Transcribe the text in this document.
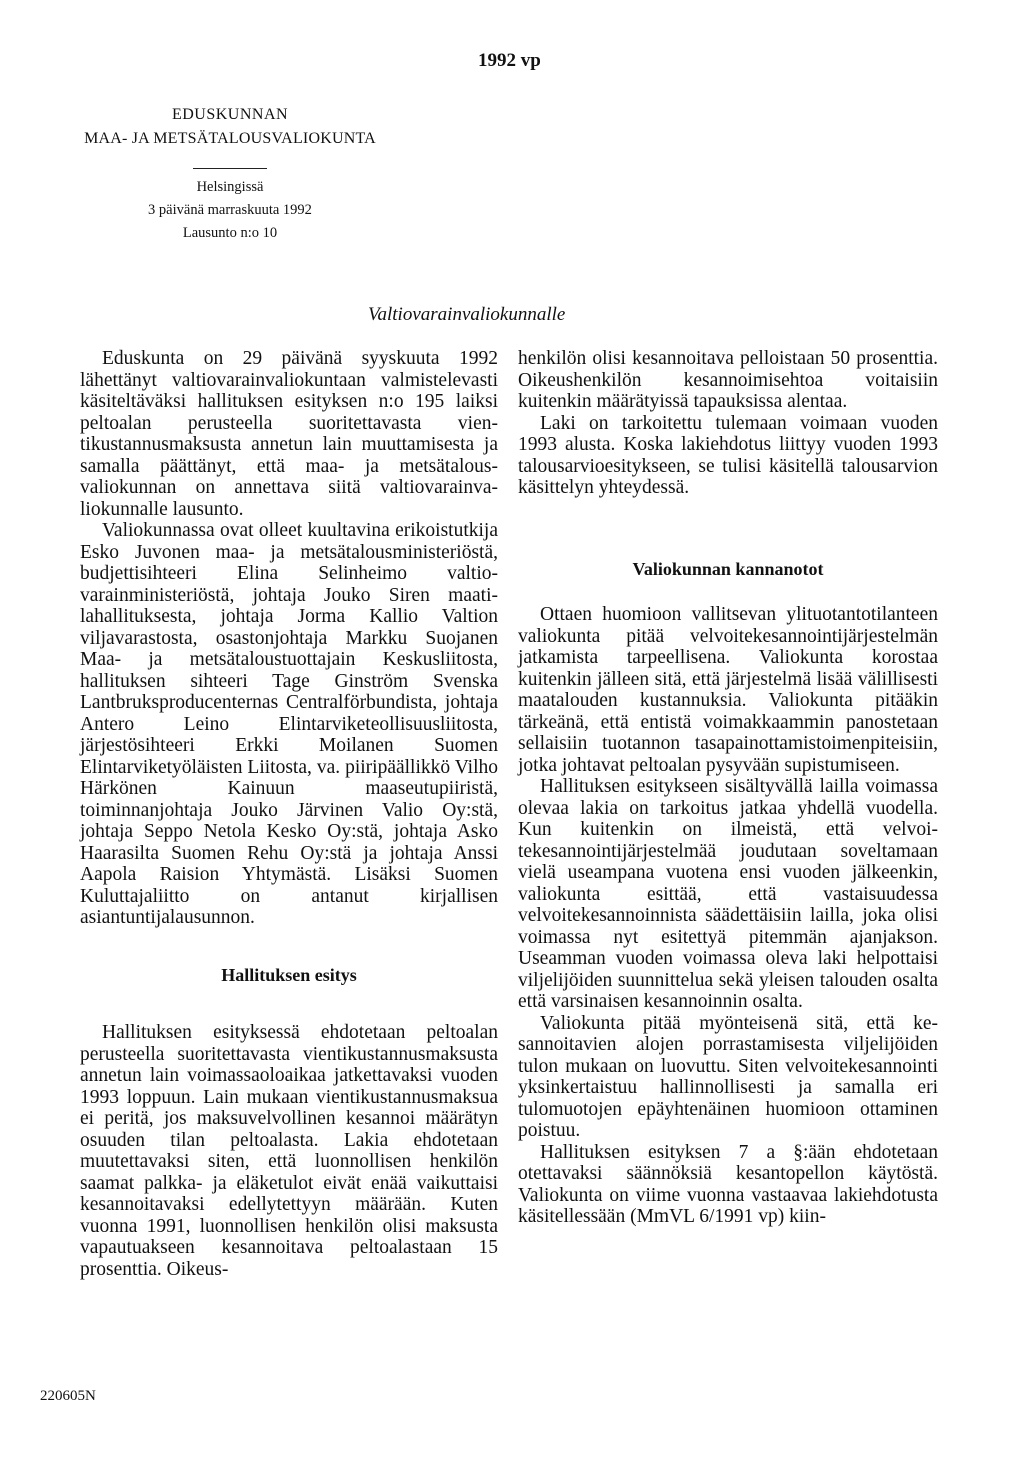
1992 vp
EDUSKUNNAN
MAA- JA METSÄTALOUSVALIOKUNTA
Helsingissä
3 päivänä marraskuuta 1992
Lausunto n:o 10
Valtiovarainvaliokunnalle

Eduskunta on 29 päivänä syyskuuta 1992 lähettänyt valtiovarainvaliokuntaan valmistelevasti käsiteltäväksi hallituksen esityksen n:o 195 laiksi peltoalan perusteella suoritettavasta vientikustannusmaksusta annetun lain muuttamisesta ja samalla päättänyt, että maa- ja metsätalousvaliokunnan on annettava siitä valtiovarainvaliokunnalle lausunto.

Valiokunnassa ovat olleet kuultavina erikoistutkija Esko Juvonen maa- ja metsätalousministeriöstä, budjettisihteeri Elina Selinheimo valtiovarainministeriöstä, johtaja Jouko Siren maatilahallituksesta, johtaja Jorma Kallio Valtion viljavarastosta, osastonjohtaja Markku Suojanen Maa- ja metsätaloustuottajain Keskusliitosta, hallituksen sihteeri Tage Ginström Svenska Lantbruksproducenternas Centralförbundista, johtaja Antero Leino Elintarviketeollisuusliitosta, järjestösihteeri Erkki Moilanen Suomen Elintarviketyöläisten Liitosta, va. piiripäällikkö Vilho Härkönen Kainuun maaseutupiiristä, toiminnanjohtaja Jouko Järvinen Valio Oy:stä, johtaja Seppo Netola Kesko Oy:stä, johtaja Asko Haarasilta Suomen Rehu Oy:stä ja johtaja Anssi Aapola Raision Yhtymästä. Lisäksi Suomen Kuluttajaliitto on antanut kirjallisen asiantuntijalausunnon.

Hallituksen esitys

Hallituksen esityksessä ehdotetaan peltoalan perusteella suoritettavasta vientikustannusmaksusta annetun lain voimassaoloaikaa jatkettavaksi vuoden 1993 loppuun. Lain mukaan vientikustannusmaksua ei peritä, jos maksuvelvollinen kesannoi määrätyn osuuden tilan peltoalasta. Lakia ehdotetaan muutettavaksi siten, että luonnollisen henkilön saamat palkka- ja eläketulot eivät enää vaikuttaisi kesannoitavaksi edellytettyyn määrään. Kuten vuonna 1991, luonnollisen henkilön olisi maksusta vapautuakseen kesannoitava peltoalastaan 15 prosenttia. Oikeus-

henkilön olisi kesannoitava pelloistaan 50 prosenttia. Oikeushenkilön kesannoimisehtoa voitaisiin kuitenkin määrätyissä tapauksissa alentaa.

Laki on tarkoitettu tulemaan voimaan vuoden 1993 alusta. Koska lakiehdotus liittyy vuoden 1993 talousarvioesitykseen, se tulisi käsitellä talousarvion käsittelyn yhteydessä.

Valiokunnan kannanotot

Ottaen huomioon vallitsevan ylituotantotilanteen valiokunta pitää velvoitekesannointijärjestelmän jatkamista tarpeellisena. Valiokunta korostaa kuitenkin jälleen sitä, että järjestelmä lisää välillisesti maatalouden kustannuksia. Valiokunta pitääkin tärkeänä, että entistä voimakkaammin panostetaan sellaisiin tuotannon tasapainottamistoimenpiteisiin, jotka johtavat peltoalan pysyvään supistumiseen.

Hallituksen esitykseen sisältyvällä lailla voimassa olevaa lakia on tarkoitus jatkaa yhdellä vuodella. Kun kuitenkin on ilmeistä, että velvoitekesannointijärjestelmää joudutaan soveltamaan vielä useampana vuotena ensi vuoden jälkeenkin, valiokunta esittää, että vastaisuudessa velvoitekesannoinnista säädettäisiin lailla, joka olisi voimassa nyt esitettyä pitemmän ajanjakson. Useamman vuoden voimassa oleva laki helpottaisi viljelijöiden suunnittelua sekä yleisen talouden osalta että varsinaisen kesannoinnin osalta.

Valiokunta pitää myönteisenä sitä, että kesannoitavien alojen porrastamisesta viljelijöiden tulon mukaan on luovuttu. Siten velvoitekesannointi yksinkertaistuu hallinnollisesti ja samalla eri tulomuotojen epäyhtenäinen huomioon ottaminen poistuu.

Hallituksen esityksen 7 a §:ään ehdotetaan otettavaksi säännöksiä kesantopellon käytöstä. Valiokunta on viime vuonna vastaavaa lakiehdotusta käsitellessään (MmVL 6/1991 vp) kiin-

220605N
